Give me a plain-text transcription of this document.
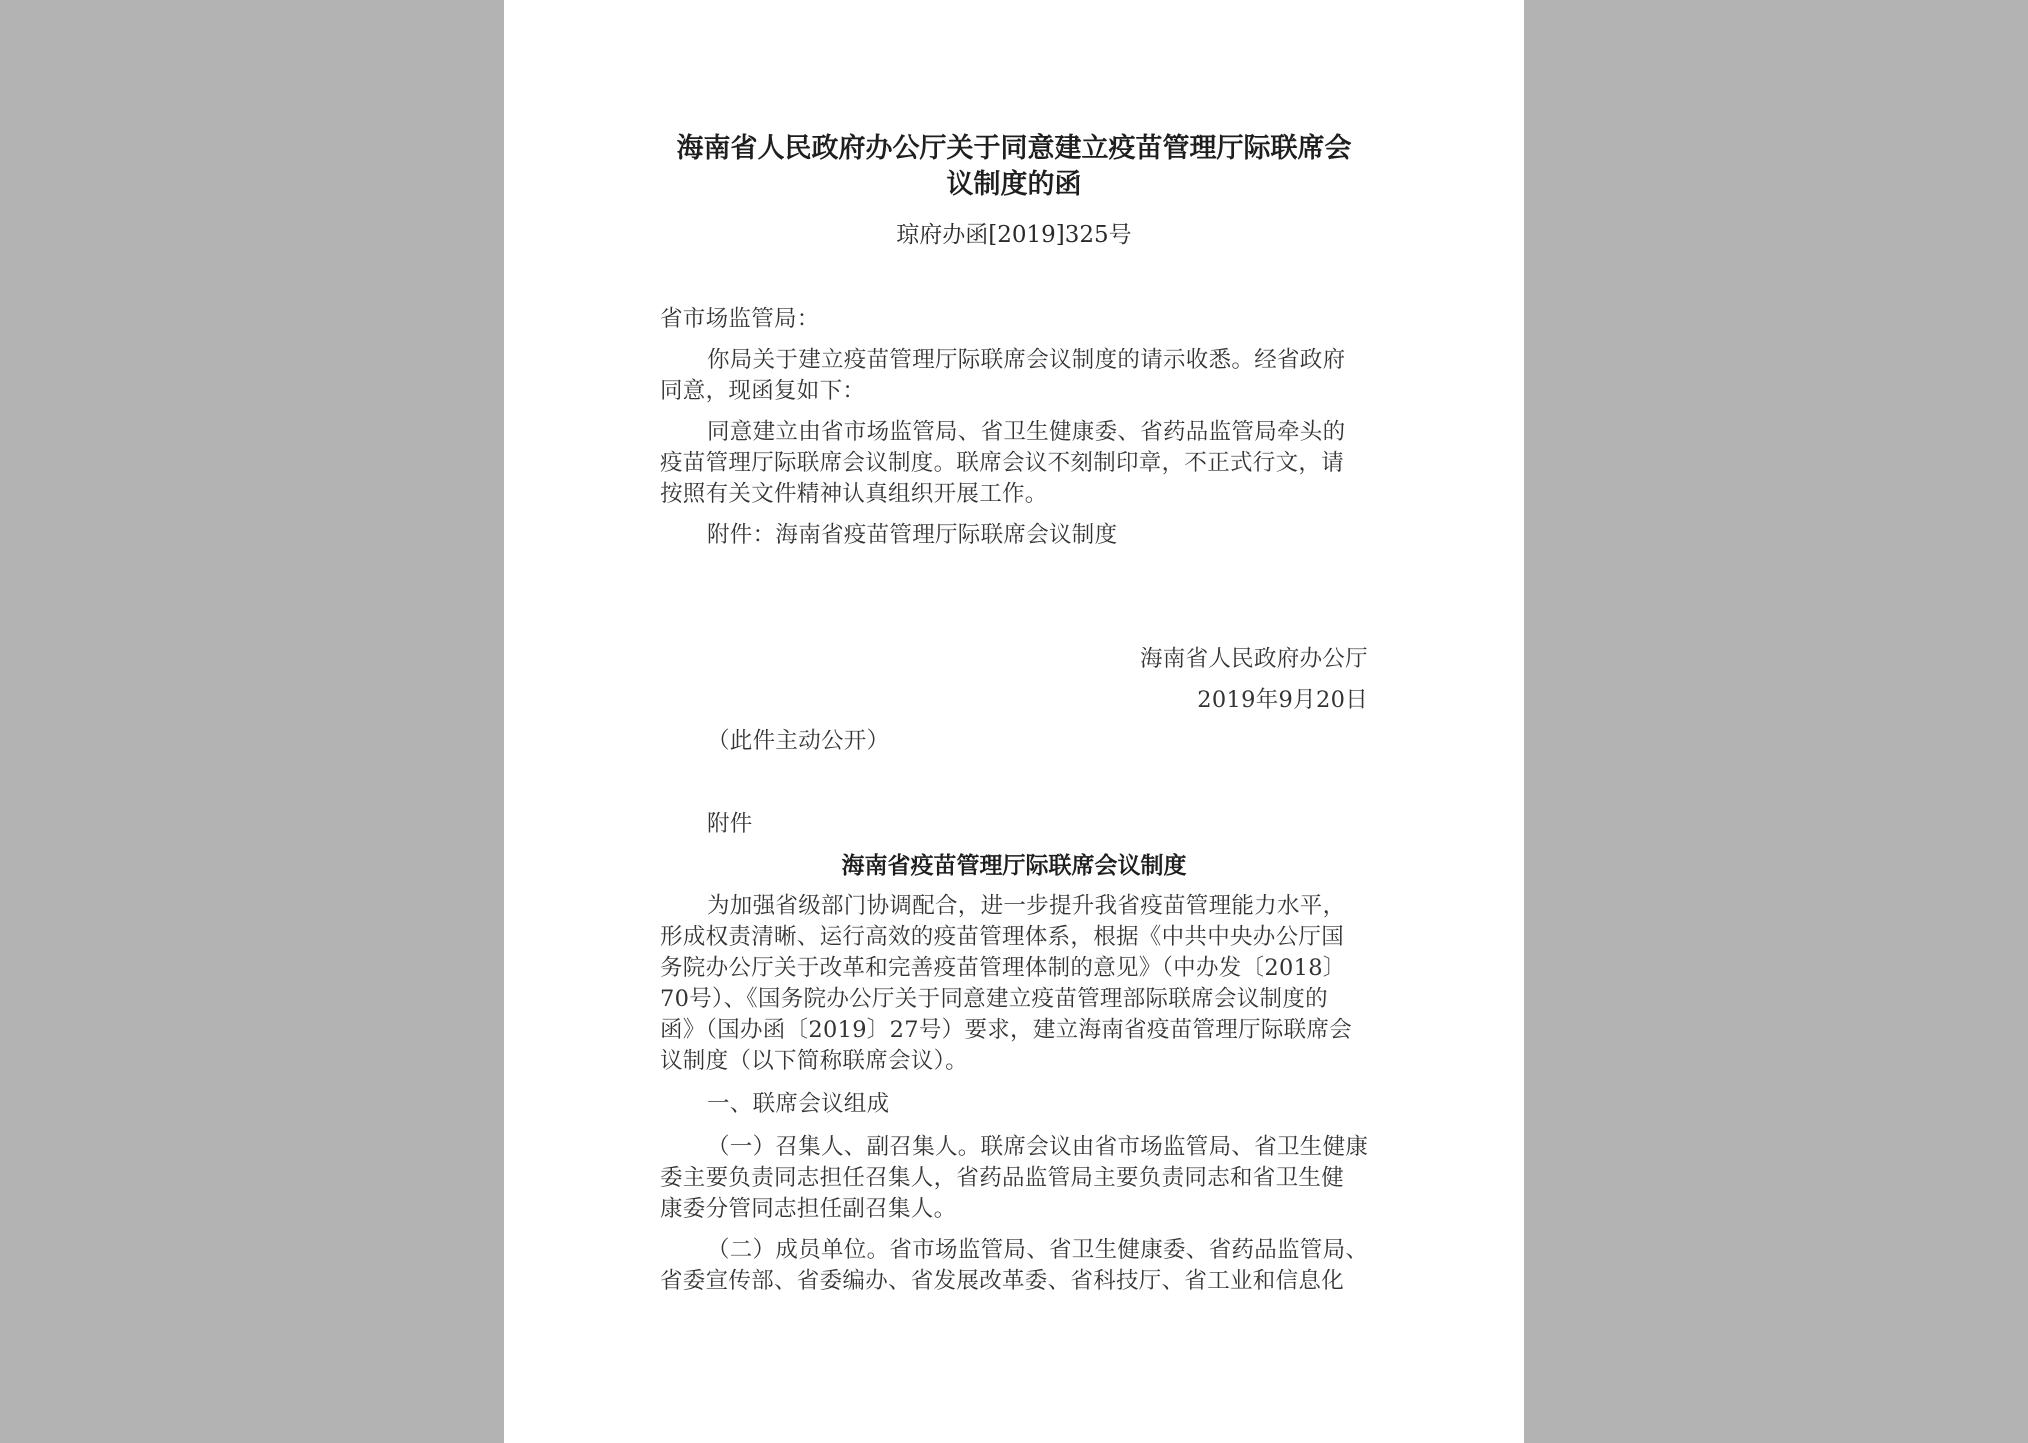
海南省人民政府办公厅关于同意建立疫苗管理厅际联席会
议制度的函
琼府办函[2019]325号
省市场监管局：
你局关于建立疫苗管理厅际联席会议制度的请示收悉。经省政府
同意，现函复如下：
同意建立由省市场监管局、省卫生健康委、省药品监管局牵头的
疫苗管理厅际联席会议制度。联席会议不刻制印章，不正式行文，请
按照有关文件精神认真组织开展工作。
附件：海南省疫苗管理厅际联席会议制度
海南省人民政府办公厅
2019年9月20日
（此件主动公开）
附件
海南省疫苗管理厅际联席会议制度
为加强省级部门协调配合，进一步提升我省疫苗管理能力水平，
形成权责清晰、运行高效的疫苗管理体系，根据《中共中央办公厅国
务院办公厅关于改革和完善疫苗管理体制的意见》（中办发〔2018〕
70号）、《国务院办公厅关于同意建立疫苗管理部际联席会议制度的
函》（国办函〔2019〕27号）要求，建立海南省疫苗管理厅际联席会
议制度（以下简称联席会议）。
一、联席会议组成
（一）召集人、副召集人。联席会议由省市场监管局、省卫生健康
委主要负责同志担任召集人，省药品监管局主要负责同志和省卫生健
康委分管同志担任副召集人。
（二）成员单位。省市场监管局、省卫生健康委、省药品监管局、
省委宣传部、省委编办、省发展改革委、省科技厅、省工业和信息化
